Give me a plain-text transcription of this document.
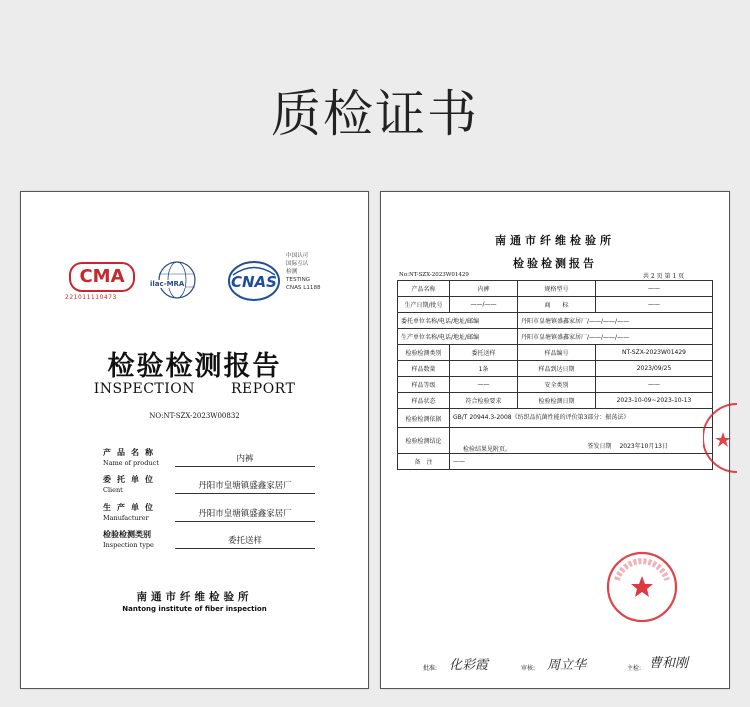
质检证书
CMA
221011110473
ilac-MRA	CNAS
中国认可
国际互认
检测
TESTING
CNAS L1188
检验检测报告
INSPECTION	REPORT
NO:NT-SZX-2023W00832
产品名称
Name of product	内裤
委托单位
Client	丹阳市皇塘镇盛鑫家居厂
生产单位
Manufacturer	丹阳市皇塘镇盛鑫家居厂
检验检测类别
Inspection type	委托送样
南通市纤维检验所
Nantong institute of fiber inspection
南通市纤维检验所
检验检测报告
No:NT-SZX-2023W01429	共 2 页 第 1 页
产品名称	内裤	规格型号	——
生产日期/批号	——/——	商　　标	——
委托单位名称/电话/地址/邮编		丹阳市皇塘镇盛鑫家居厂/——/——/——	
生产单位名称/电话/地址/邮编		丹阳市皇塘镇盛鑫家居厂/——/——/——	
检验检测类别	委托送样	样品编号	NT-SZX-2023W01429
样品数量	1条	样品到达日期	2023/09/25
样品等级	——	安全类别	——
样品状态	符合检验要求	检验检测日期	2023-10-09~2023-10-13
检验检测依据	GB/T 20944.3-2008《纺织品抗菌性能的评价第3部分：振荡法》		
检验检测结论	检验结果见附页。 签发日期 2023年10月13日		

备　注	——		
批准: 化彩霞	审核: 周立华	主检: 曹和刚
